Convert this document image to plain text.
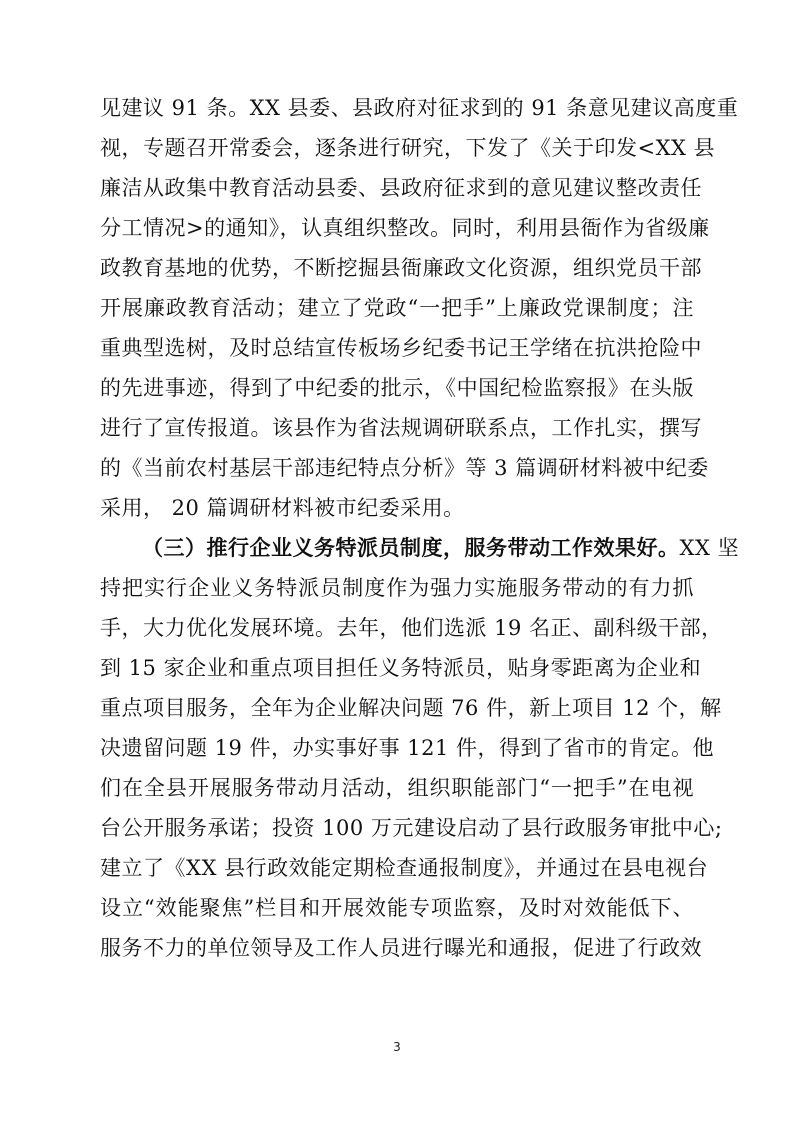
见建议 91 条。XX 县委、县政府对征求到的 91 条意见建议高度重
视，专题召开常委会，逐条进行研究，下发了《关于印发<XX 县
廉洁从政集中教育活动县委、县政府征求到的意见建议整改责任
分工情况>的通知》，认真组织整改。同时，利用县衙作为省级廉
政教育基地的优势，不断挖掘县衙廉政文化资源，组织党员干部
开展廉政教育活动；建立了党政“一把手”上廉政党课制度；注
重典型选树，及时总结宣传板场乡纪委书记王学绪在抗洪抢险中
的先进事迹，得到了中纪委的批示，《中国纪检监察报》在头版
进行了宣传报道。该县作为省法规调研联系点，工作扎实，撰写
的《当前农村基层干部违纪特点分析》等 3 篇调研材料被中纪委
采用， 20 篇调研材料被市纪委采用。
（三）推行企业义务特派员制度，服务带动工作效果好。XX 坚
持把实行企业义务特派员制度作为强力实施服务带动的有力抓
手，大力优化发展环境。去年，他们选派 19 名正、副科级干部，
到 15 家企业和重点项目担任义务特派员，贴身零距离为企业和
重点项目服务，全年为企业解决问题 76 件，新上项目 12 个，解
决遗留问题 19 件，办实事好事 121 件，得到了省市的肯定。他
们在全县开展服务带动月活动，组织职能部门“一把手”在电视
台公开服务承诺；投资 100 万元建设启动了县行政服务审批中心;
建立了《XX 县行政效能定期检查通报制度》，并通过在县电视台
设立“效能聚焦”栏目和开展效能专项监察，及时对效能低下、
服务不力的单位领导及工作人员进行曝光和通报，促进了行政效
3
